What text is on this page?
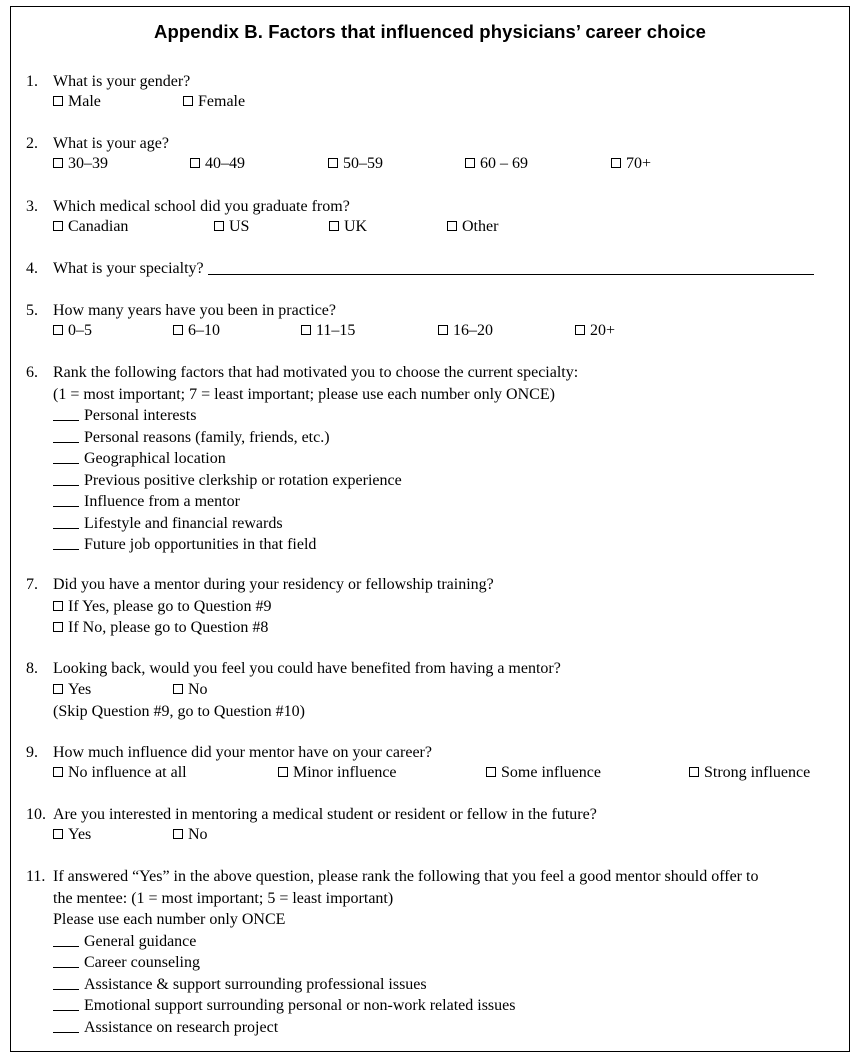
Appendix B. Factors that influenced physicians’ career choice
1. What is your gender?
Male	Female
2. What is your age?
30–39	40–49	50–59	60 – 69	70+
3. Which medical school did you graduate from?
Canadian	US	UK	Other
4. What is your specialty?
5. How many years have you been in practice?
0–5	6–10	11–15	16–20	20+
6. Rank the following factors that had motivated you to choose the current specialty:
(1 = most important; 7 = least important; please use each number only ONCE)
Personal interests
Personal reasons (family, friends, etc.)
Geographical location
Previous positive clerkship or rotation experience
Influence from a mentor
Lifestyle and financial rewards
Future job opportunities in that field
7. Did you have a mentor during your residency or fellowship training?
If Yes, please go to Question #9
If No, please go to Question #8
8. Looking back, would you feel you could have benefited from having a mentor?

(Skip Question #9, go to Question #10)
Yes	No
9. How much influence did your mentor have on your career?
No influence at all	Minor influence	Some influence	Strong influence
10. Are you interested in mentoring a medical student or resident or fellow in the future?
Yes	No
11. If answered “Yes” in the above question, please rank the following that you feel a good mentor should offer to
the mentee: (1 = most important; 5 = least important)
Please use each number only ONCE
General guidance
Career counseling
Assistance & support surrounding professional issues
Emotional support surrounding personal or non-work related issues
Assistance on research project
